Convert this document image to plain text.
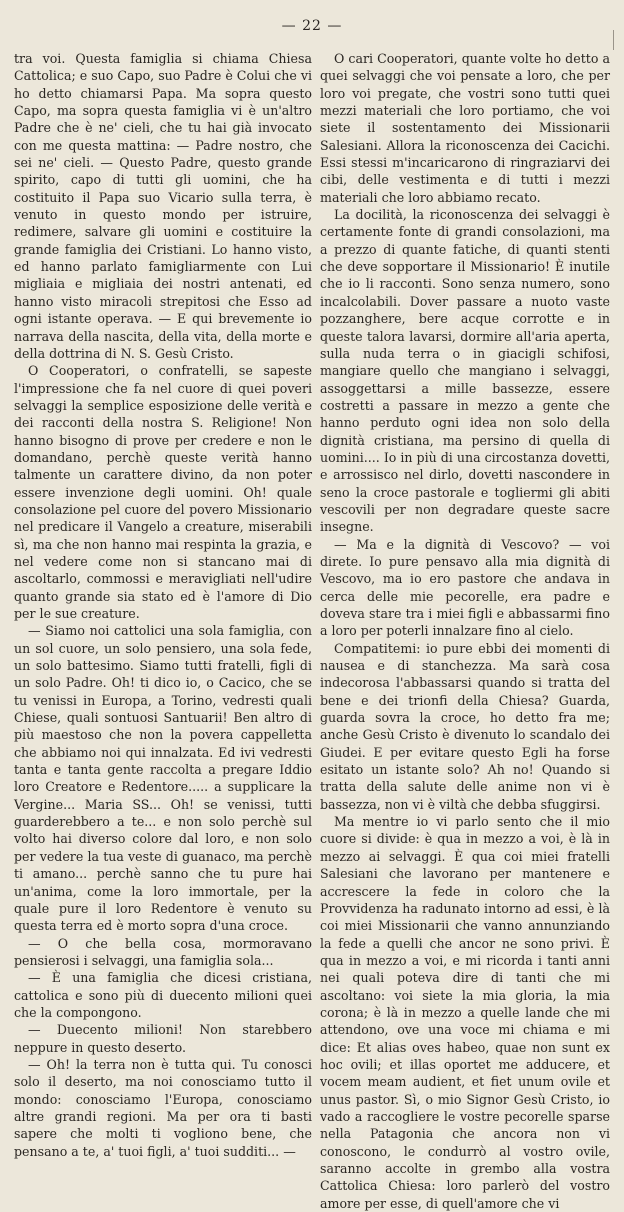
— 22 —

tra voi. Questa famiglia si chiama Chiesa Cattolica; e suo Capo, suo Padre è Colui che vi ho detto chiamarsi Papa. Ma sopra questo Capo, ma sopra questa famiglia vi è un'altro Padre che è ne' cieli, che tu hai già invocato con me questa mattina: — Padre nostro, che sei ne' cieli. — Questo Padre, questo grande spirito, capo di tutti gli uomini, che ha costituito il Papa suo Vicario sulla terra, è venuto in questo mondo per istruire, redimere, salvare gli uomini e costituire la grande famiglia dei Cristiani. Lo hanno visto, ed hanno parlato famigliarmente con Lui migliaia e migliaia dei nostri antenati, ed hanno visto miracoli strepitosi che Esso ad ogni istante operava. — E qui brevemente io narrava della nascita, della vita, della morte e della dottrina di N. S. Gesù Cristo.

O Cooperatori, o confratelli, se sapeste l'impressione che fa nel cuore di quei poveri selvaggi la semplice esposizione delle verità e dei racconti della nostra S. Religione! Non hanno bisogno di prove per credere e non le domandano, perchè queste verità hanno talmente un carattere divino, da non poter essere invenzione degli uomini. Oh! quale consolazione pel cuore del povero Missionario nel predicare il Vangelo a creature, miserabili sì, ma che non hanno mai respinta la grazia, e nel vedere come non si stancano mai di ascoltarlo, commossi e meravigliati nell'udire quanto grande sia stato ed è l'amore di Dio per le sue creature.

— Siamo noi cattolici una sola famiglia, con un sol cuore, un solo pensiero, una sola fede, un solo battesimo. Siamo tutti fratelli, figli di un solo Padre. Oh! ti dico io, o Cacico, che se tu venissi in Europa, a Torino, vedresti quali Chiese, quali sontuosi Santuarii! Ben altro di più maestoso che non la povera cappelletta che abbiamo noi qui innalzata. Ed ivi vedresti tanta e tanta gente raccolta a pregare Iddio loro Creatore e Redentore..... a supplicare la Vergine... Maria SS... Oh! se venissi, tutti guarderebbero a te... e non solo perchè sul volto hai diverso colore dal loro, e non solo per vedere la tua veste di guanaco, ma perchè ti amano... perchè sanno che tu pure hai un'anima, come la loro immortale, per la quale pure il loro Redentore è venuto su questa terra ed è morto sopra d'una croce.

— O che bella cosa, mormoravano pensierosi i selvaggi, una famiglia sola...

— È una famiglia che dicesi cristiana, cattolica e sono più di duecento milioni quei che la compongono.

— Duecento milioni! Non starebbero neppure in questo deserto.

— Oh! la terra non è tutta qui. Tu conosci solo il deserto, ma noi conosciamo tutto il mondo: conosciamo l'Europa, conosciamo altre grandi regioni. Ma per ora ti basti sapere che molti ti vogliono bene, che pensano a te, a' tuoi figli, a' tuoi sudditi... —

O cari Cooperatori, quante volte ho detto a quei selvaggi che voi pensate a loro, che per loro voi pregate, che vostri sono tutti quei mezzi materiali che loro portiamo, che voi siete il sostentamento dei Missionarii Salesiani. Allora la riconoscenza dei Cacichi. Essi stessi m'incaricarono di ringraziarvi dei cibi, delle vestimenta e di tutti i mezzi materiali che loro abbiamo recato.

La docilità, la riconoscenza dei selvaggi è certamente fonte di grandi consolazioni, ma a prezzo di quante fatiche, di quanti stenti che deve sopportare il Missionario! È inutile che io li racconti. Sono senza numero, sono incalcolabili. Dover passare a nuoto vaste pozzanghere, bere acque corrotte e in queste talora lavarsi, dormire all'aria aperta, sulla nuda terra o in giacigli schifosi, mangiare quello che mangiano i selvaggi, assoggettarsi a mille bassezze, essere costretti a passare in mezzo a gente che hanno perduto ogni idea non solo della dignità cristiana, ma persino di quella di uomini.... Io in più di una circostanza dovetti, e arrossisco nel dirlo, dovetti nascondere in seno la croce pastorale e togliermi gli abiti vescovili per non degradare queste sacre insegne.

— Ma e la dignità di Vescovo? — voi direte. Io pure pensavo alla mia dignità di Vescovo, ma io ero pastore che andava in cerca delle mie pecorelle, era padre e doveva stare tra i miei figli e abbassarmi fino a loro per poterli innalzare fino al cielo.

Compatitemi: io pure ebbi dei momenti di nausea e di stanchezza. Ma sarà cosa indecorosa l'abbassarsi quando si tratta del bene e dei trionfi della Chiesa? Guarda, guarda sovra la croce, ho detto fra me; anche Gesù Cristo è divenuto lo scandalo dei Giudei. E per evitare questo Egli ha forse esitato un istante solo? Ah no! Quando si tratta della salute delle anime non vi è bassezza, non vi è viltà che debba sfuggirsi.

Ma mentre io vi parlo sento che il mio cuore si divide: è qua in mezzo a voi, è là in mezzo ai selvaggi. È qua coi miei fratelli Salesiani che lavorano per mantenere e accrescere la fede in coloro che la Provvidenza ha radunato intorno ad essi, è là coi miei Missionarii che vanno annunziando la fede a quelli che ancor ne sono privi. È qua in mezzo a voi, e mi ricorda i tanti anni nei quali poteva dire di tanti che mi ascoltano: voi siete la mia gloria, la mia corona; è là in mezzo a quelle lande che mi attendono, ove una voce mi chiama e mi dice: Et alias oves habeo, quae non sunt ex hoc ovili; et illas oportet me adducere, et vocem meam audient, et fiet unum ovile et unus pastor. Sì, o mio Signor Gesù Cristo, io vado a raccogliere le vostre pecorelle sparse nella Patagonia che ancora non vi conoscono, le condurrò al vostro ovile, saranno accolte in grembo alla vostra Cattolica Chiesa: loro parlerò del vostro amore per esse, di quell'amore che vi
